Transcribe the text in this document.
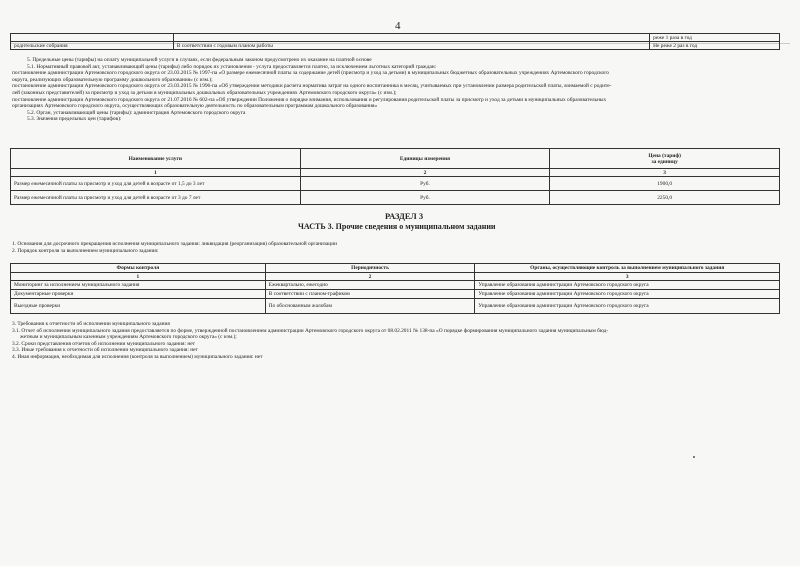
4
		реже 1 раза в год
родительские собрания	В соответствии с годовым планом работы	Не реже 2 раз в год
5. Предельные цены (тарифы) на оплату муниципальной услуги в случаях, если федеральным законом предусмотрено их оказание на платной основе
5.1. Нормативный правовой акт, устанавливающий цены (тарифы) либо порядок их установления - услуга предоставляется платно, за исключением льготных категорий граждан:
постановление администрации Артемовского городского округа от 23.03.2015 № 1997-па «О размере ежемесячной платы за содержание детей (присмотр и уход за детьми) в муниципальных бюджетных образовательных учреждениях Артемовского городского
округа, реализующих образовательную программу дошкольного образования» (с изм.);
постановление администрации Артемовского городского округа от 23.03.2015 № 1996-па «Об утверждении методики расчета норматива затрат на одного воспитанника в месяц, учитываемых при установлении размера родительской платы, взимаемой с родите-
лей (законных представителей) за присмотр и уход за детьми в муниципальных дошкольных образовательных учреждениях Артемовского городского округа» (с изм.);
постановление администрации Артемовского городского округа от 21.07.2016 № 602-па «Об утверждении Положения о порядке взимания, использования и регулирования родительской платы за присмотр и уход за детьми в муниципальных образовательных
организациях Артемовского городского округа, осуществляющих образовательную деятельность по образовательным программам дошкольного образования»
5.2. Орган, устанавливающий цены (тарифы): администрация Артемовского городского округа
5.3. Значения предельных цен (тарифов):
Наименование услуги	Единицы измерения	Цена (тариф)
за единицу

1	2	3
Размер ежемесячной платы за присмотр и уход для детей в возрасте от 1,5 до 3 лет	Руб.	1900,0
Размер ежемесячной платы за присмотр и уход для детей в возрасте от 3 до 7 лет	Руб.	2250,0
РАЗДЕЛ 3
ЧАСТЬ 3. Прочие сведения о муниципальном задании
1. Основания для досрочного прекращения исполнения муниципального задания: ликвидация (реорганизация) образовательной организации
2. Порядок контроля за выполнением муниципального задания:
Формы контроля	Периодичность	Органы, осуществляющие контроль за выполнением муниципального задания
1	2	3
Мониторинг за исполнением муниципального задания	Ежеквартально, ежегодно	Управление образования администрации Артемовского городского округа
Документарные проверки	В соответствии с планом-графиком	Управление образования администрации Артемовского городского округа
Выездные проверки	По обоснованным жалобам	Управление образования администрации Артемовского городского округа
3. Требования к отчетности об исполнении муниципального задания
3.1. Отчет об исполнении муниципального задания предоставляется по форме, утвержденной постановлением администрации Артемовского городского округа от 08.02.2011 № 138-па «О порядке формирования муниципального задания муниципальным бюд-
жетным и муниципальным казенным учреждениям Артемовского городского округа» (с изм.);
3.2. Сроки представления отчетов об исполнении муниципального задания: нет
3.3. Иные требования к отчетности об исполнении муниципального задания: нет
4. Иная информация, необходимая для исполнения (контроля за выполнением) муниципального задания: нет
